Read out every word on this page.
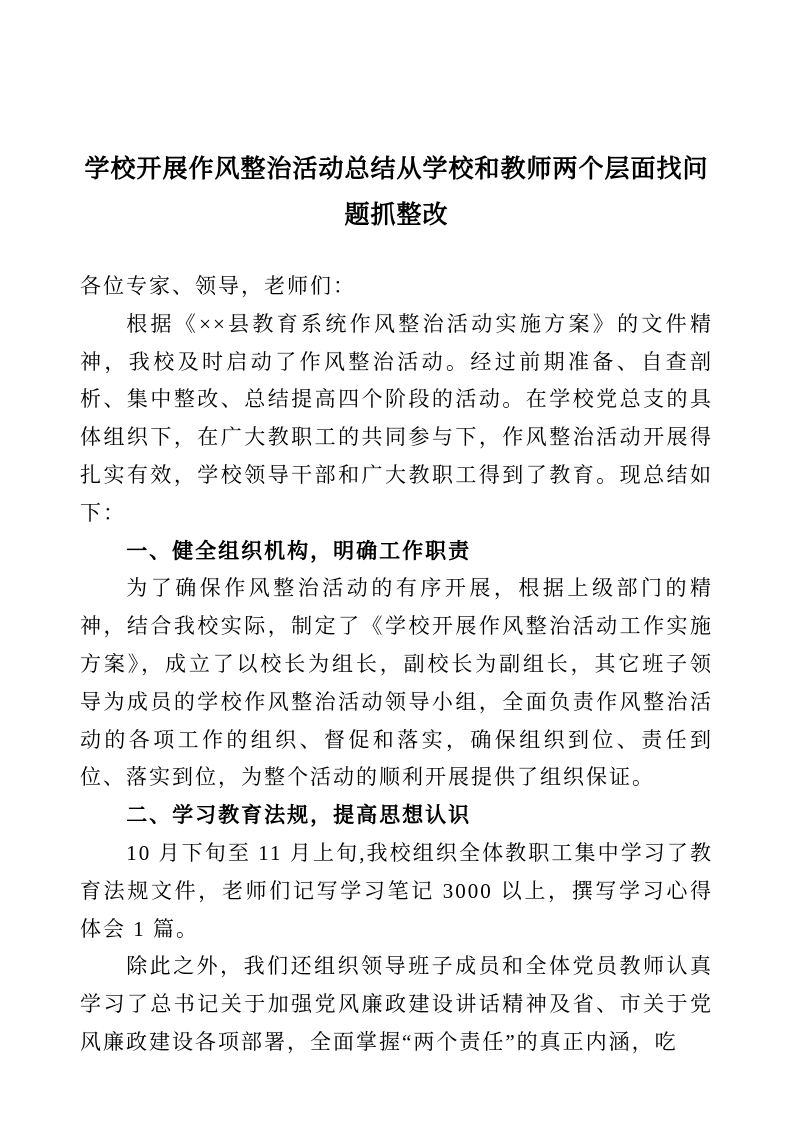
学校开展作风整治活动总结从学校和教师两个层面找问题抓整改

各位专家、领导，老师们：

根据《××县教育系统作风整治活动实施方案》的文件精神，我校及时启动了作风整治活动。经过前期准备、自查剖析、集中整改、总结提高四个阶段的活动。在学校党总支的具体组织下，在广大教职工的共同参与下，作风整治活动开展得扎实有效，学校领导干部和广大教职工得到了教育。现总结如下：

一、健全组织机构，明确工作职责

为了确保作风整治活动的有序开展，根据上级部门的精神，结合我校实际，制定了《学校开展作风整治活动工作实施方案》，成立了以校长为组长，副校长为副组长，其它班子领导为成员的学校作风整治活动领导小组，全面负责作风整治活动的各项工作的组织、督促和落实，确保组织到位、责任到位、落实到位，为整个活动的顺利开展提供了组织保证。

二、学习教育法规，提高思想认识

10 月下旬至 11 月上旬,我校组织全体教职工集中学习了教育法规文件，老师们记写学习笔记 3000 以上，撰写学习心得体会 1 篇。

除此之外，我们还组织领导班子成员和全体党员教师认真学习了总书记关于加强党风廉政建设讲话精神及省、市关于党风廉政建设各项部署，全面掌握“两个责任”的真正内涵，吃
